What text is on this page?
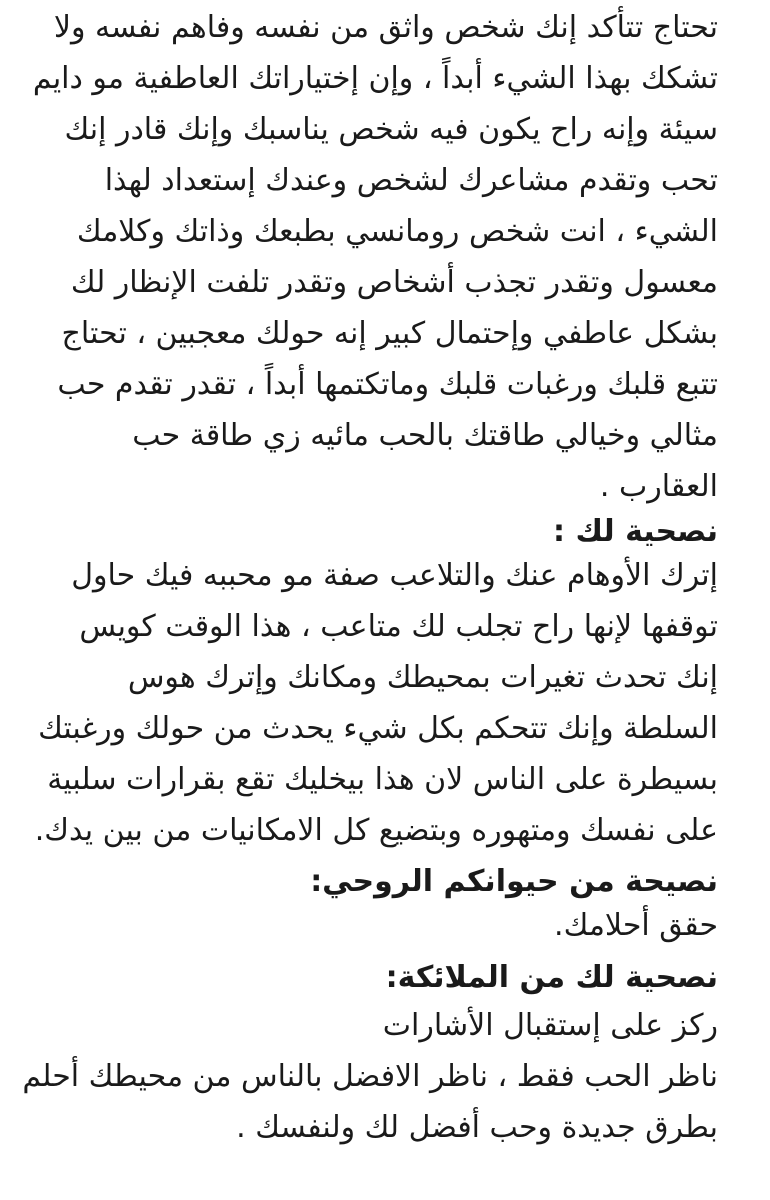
تحتاج تتأكد إنك شخص واثق من نفسه وفاهم نفسه ولا
تشكك بهذا الشيء أبداً ، وإن إختياراتك العاطفية مو دايم
سيئة وإنه راح يكون فيه شخص يناسبك وإنك قادر إنك
تحب وتقدم مشاعرك لشخص وعندك إستعداد لهذا
الشيء ، انت شخص رومانسي بطبعك وذاتك وكلامك
معسول وتقدر تجذب أشخاص وتقدر تلفت الإنظار لك
بشكل عاطفي وإحتمال كبير إنه حولك معجبين ، تحتاج
تتبع قلبك ورغبات قلبك وماتكتمها أبداً ، تقدر تقدم حب
مثالي وخيالي طاقتك بالحب مائيه زي طاقة حب
العقارب .
نصحية لك :
إترك الأوهام عنك والتلاعب صفة مو محببه فيك حاول
توقفها لإنها راح تجلب لك متاعب ، هذا الوقت كويس
إنك تحدث تغيرات بمحيطك ومكانك وإترك هوس
السلطة وإنك تتحكم بكل شيء يحدث من حولك ورغبتك
بسيطرة على الناس لان هذا بيخليك تقع بقرارات سلبية
على نفسك ومتهوره وبتضيع كل الامكانيات من بين يدك.
نصيحة من حيوانكم الروحي:
حقق أحلامك.
نصحية لك من الملائكة:
ركز على إستقبال الأشارات
ناظر الحب فقط ، ناظر الافضل بالناس من محيطك أحلم
بطرق جديدة وحب أفضل لك ولنفسك .
